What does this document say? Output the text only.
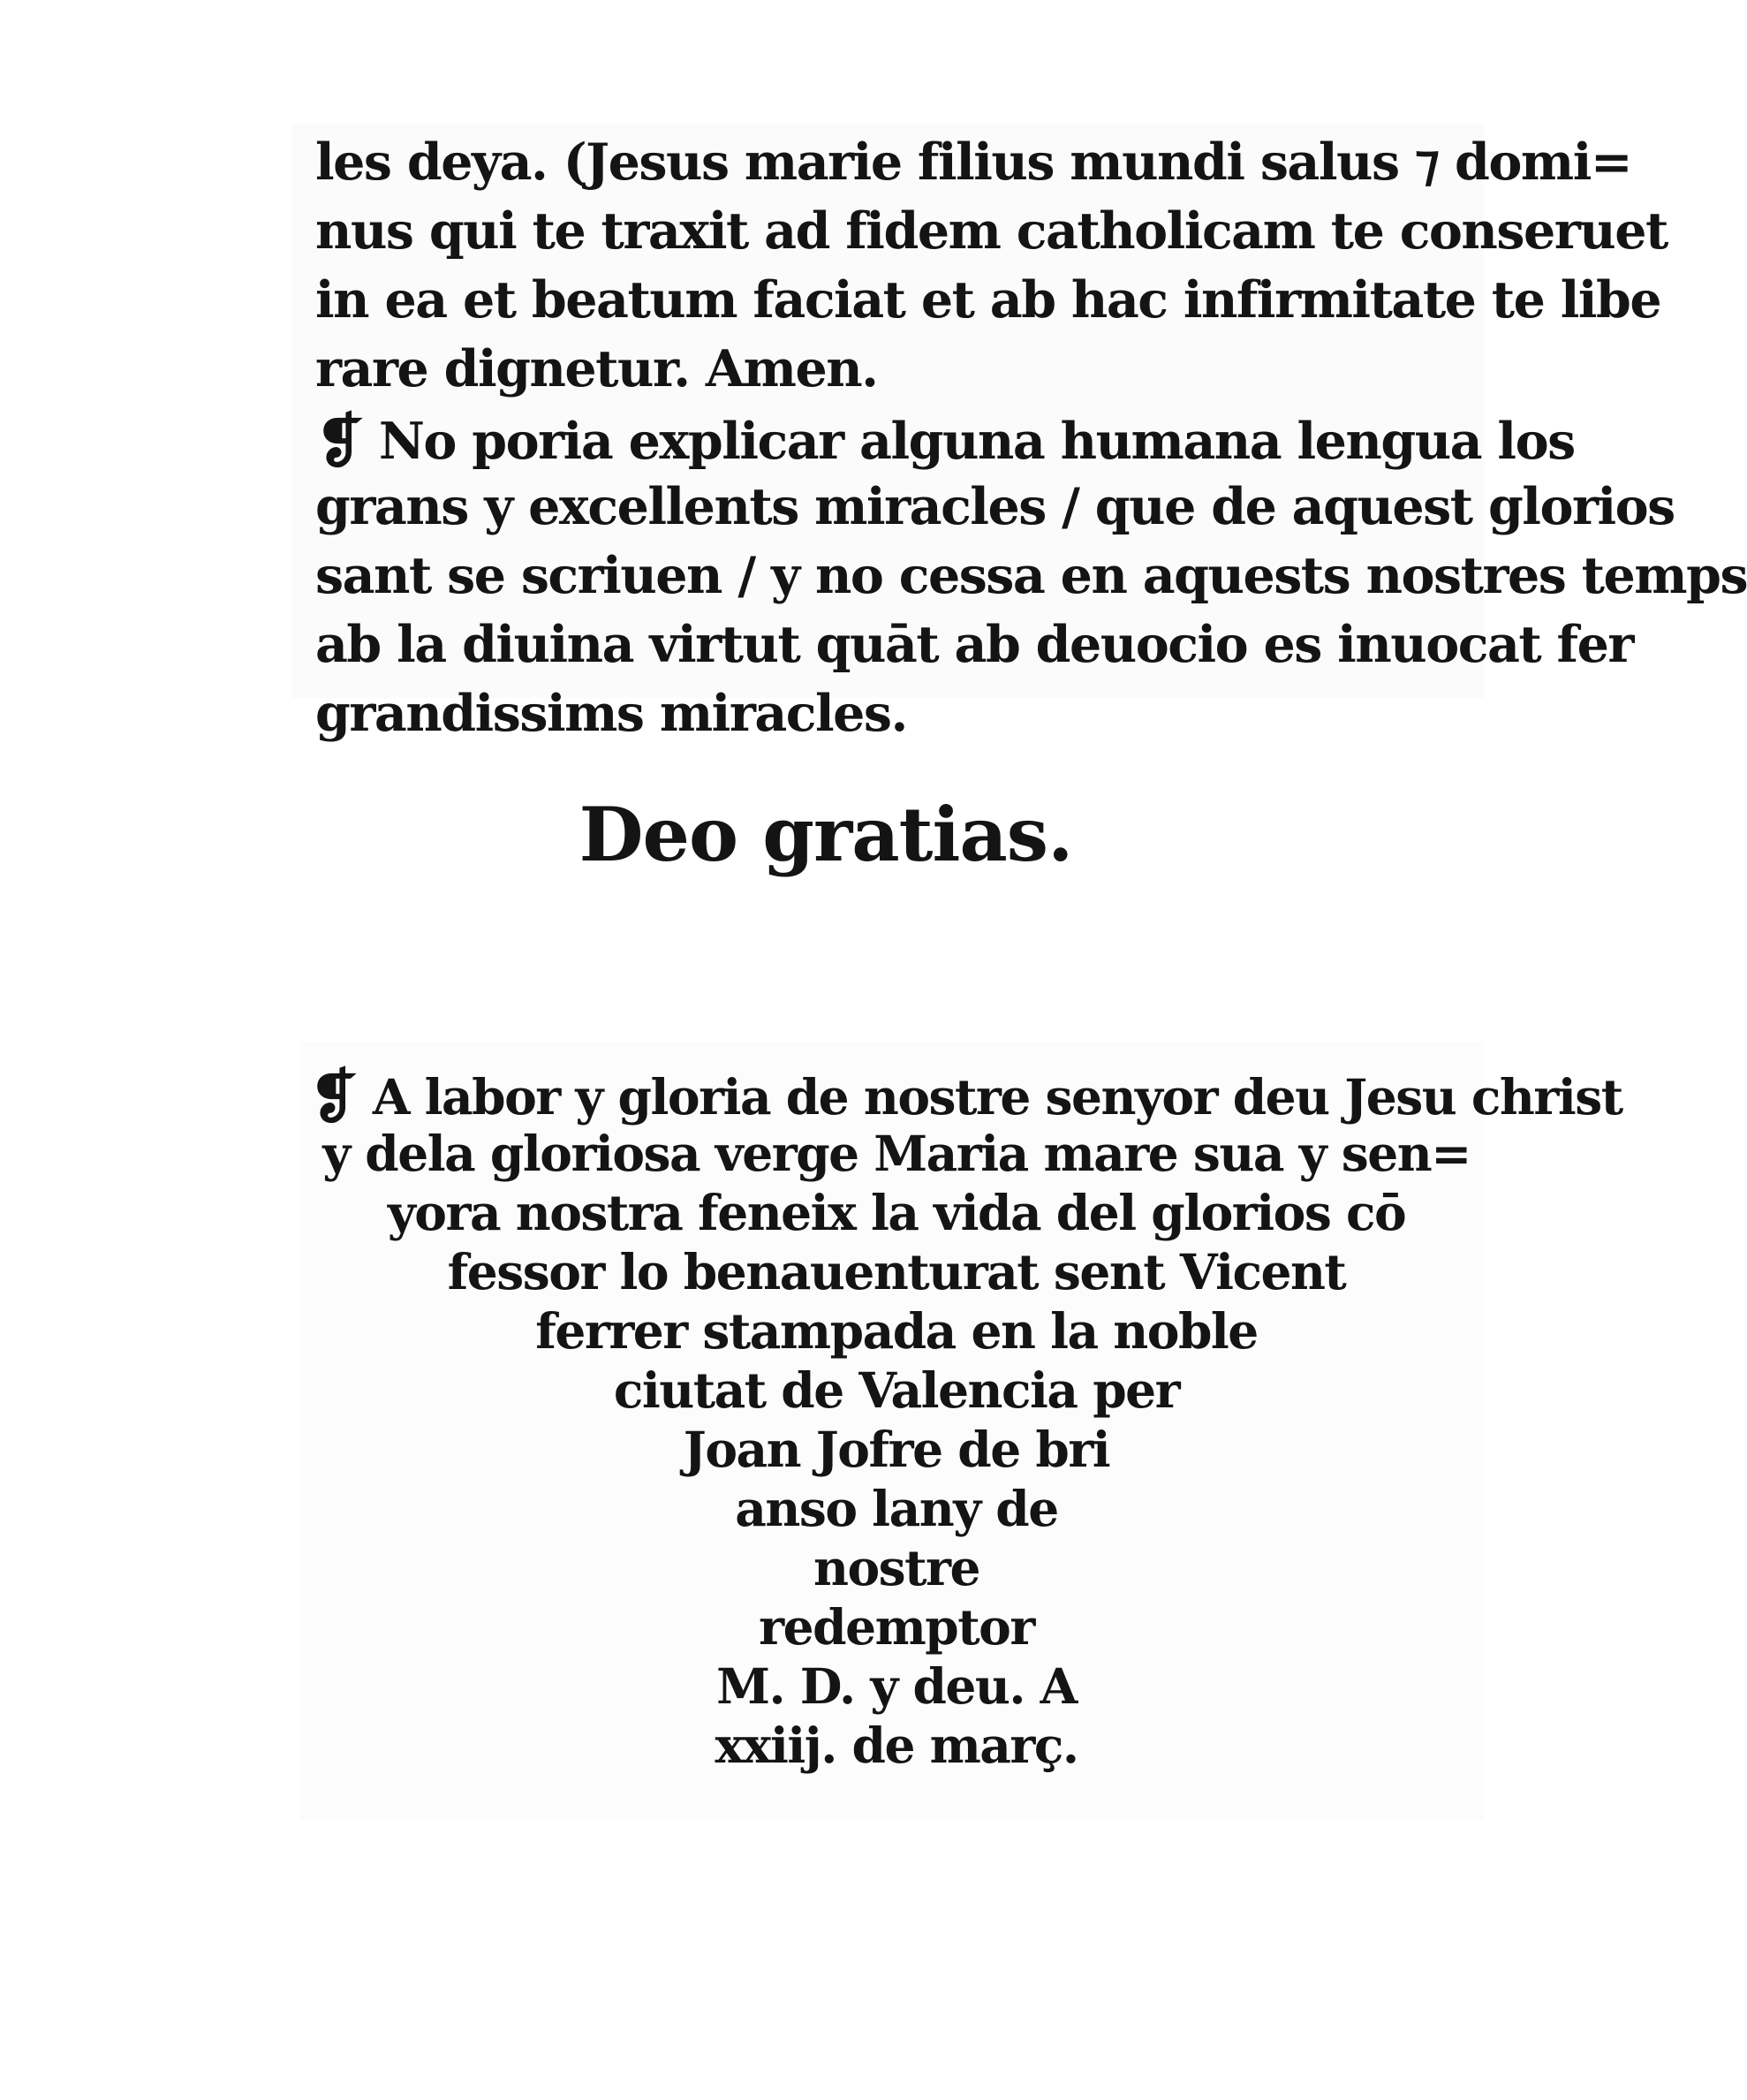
les deya. (Jesus marie filius mundi salus ⁊ domi=
nus qui te traxit ad fidem catholicam te conseruet
in ea et beatum faciat et ab hac infirmitate te libe
rare dignetur. Amen.
❡ No poria explicar alguna humana lengua los
grans y excellents miracles / que de aquest glorios
sant se scriuen / y no cessa en aquests nostres temps
ab la diuina virtut quāt ab deuocio es inuocat fer
grandissims miracles.
Deo gratias.
❡ A labor y gloria de nostre senyor deu Jesu christ
y dela gloriosa verge Maria mare sua y sen=
yora nostra feneix la vida del glorios cō
fessor lo benauenturat sent Vicent
ferrer stampada en la noble
ciutat de Valencia per
Joan Jofre de bri
anso lany de
nostre
redemptor
M. D. y deu. A
xxiij. de març.
